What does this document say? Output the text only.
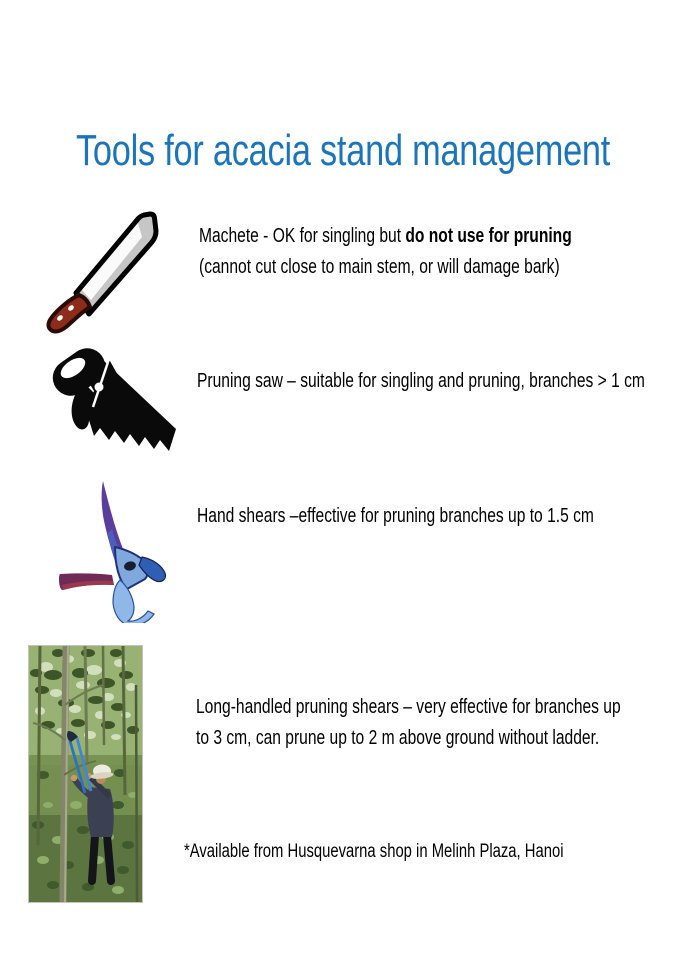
Tools for acacia stand management
Machete - OK for singling but do not use for pruning
(cannot cut close to main stem, or will damage bark)
Pruning saw – suitable for singling and pruning, branches > 1 cm
Hand shears –effective for pruning branches up to 1.5 cm
Long-handled pruning shears – very effective for branches up
to 3 cm, can prune up to 2 m above ground without ladder.
*Available from Husquevarna shop in Melinh Plaza, Hanoi
